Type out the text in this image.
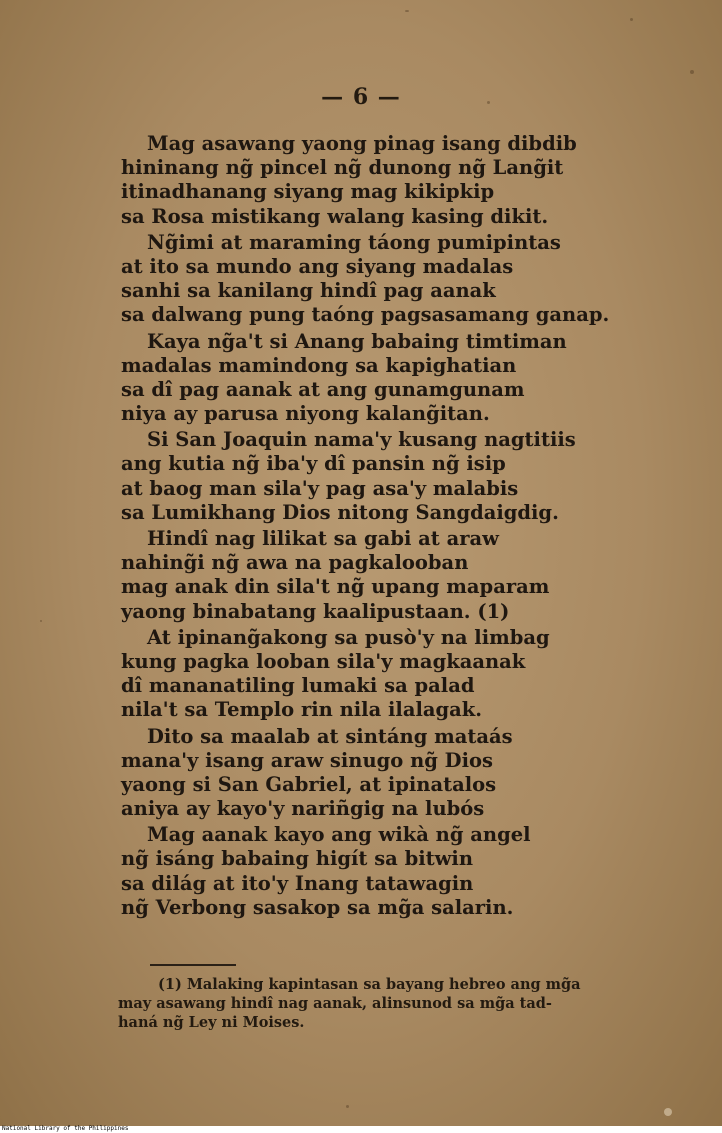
— 6 —
Mag asawang yaong pinag isang dibdib
hininang ng̃ pincel ng̃ dunong ng̃ Lang̃it
itinadhanang siyang mag kikipkip
sa Rosa mistikang walang kasing dikit.
Ng̃imi at maraming táong pumipintas
at ito sa mundo ang siyang madalas
sanhi sa kanilang hindî pag aanak
sa dalwang pung taóng pagsasamang ganap.
Kaya ng̃a't si Anang babaing timtiman
madalas mamindong sa kapighatian
sa dî pag aanak at ang gunamgunam
niya ay parusa niyong kalang̃itan.
Si San Joaquin nama'y kusang nagtitiis
ang kutia ng̃ iba'y dî pansin ng̃ isip
at baog man sila'y pag asa'y malabis
sa Lumikhang Dios nitong Sangdaigdig.
Hindî nag lilikat sa gabi at araw
nahing̃i ng̃ awa na pagkalooban
mag anak din sila't ng̃ upang maparam
yaong binabatang kaalipustaan. (1)
At ipinang̃akong sa pusò'y na limbag
kung pagka looban sila'y magkaanak
dî mananatiling lumaki sa palad
nila't sa Templo rin nila ilalagak.
Dito sa maalab at sintáng mataás
mana'y isang araw sinugo ng̃ Dios
yaong si San Gabriel, at ipinatalos
aniya ay kayo'y nariñgig na lubós
Mag aanak kayo ang wikà ng̃ angel
ng̃ isáng babaing higít sa bitwin
sa dilág at ito'y Inang tatawagin
ng̃ Verbong sasakop sa mg̃a salarin.
(1) Malaking kapintasan sa bayang hebreo ang mg̃a
may asawang hindî nag aanak, alinsunod sa mg̃a tad-
haná ng̃ Ley ni Moises.
National Library of the Philippines
